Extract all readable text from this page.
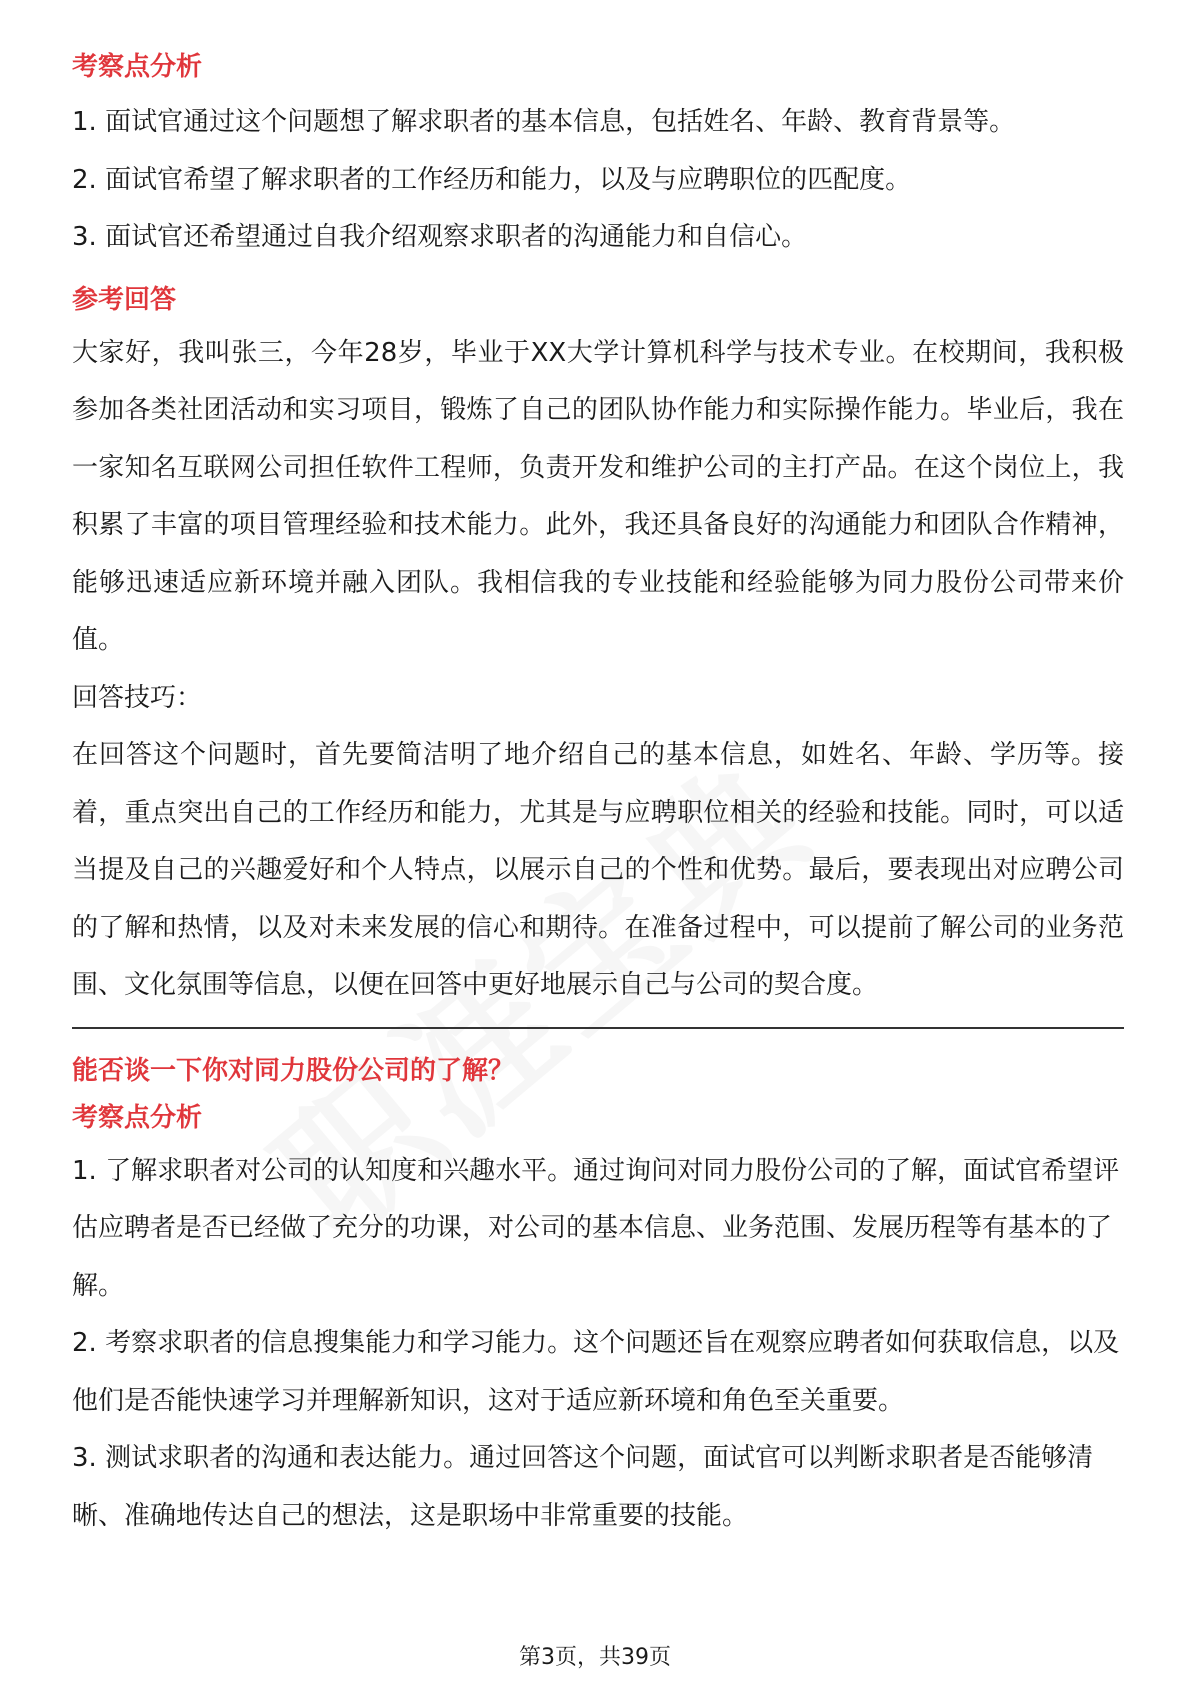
考察点分析

1. 面试官通过这个问题想了解求职者的基本信息，包括姓名、年龄、教育背景等。
2. 面试官希望了解求职者的工作经历和能力，以及与应聘职位的匹配度。
3. 面试官还希望通过自我介绍观察求职者的沟通能力和自信心。

参考回答

大家好，我叫张三，今年28岁，毕业于XX大学计算机科学与技术专业。在校期间，我积极参加各类社团活动和实习项目，锻炼了自己的团队协作能力和实际操作能力。毕业后，我在一家知名互联网公司担任软件工程师，负责开发和维护公司的主打产品。在这个岗位上，我积累了丰富的项目管理经验和技术能力。此外，我还具备良好的沟通能力和团队合作精神，能够迅速适应新环境并融入团队。我相信我的专业技能和经验能够为同力股份公司带来价值。

回答技巧：

在回答这个问题时，首先要简洁明了地介绍自己的基本信息，如姓名、年龄、学历等。接着，重点突出自己的工作经历和能力，尤其是与应聘职位相关的经验和技能。同时，可以适当提及自己的兴趣爱好和个人特点，以展示自己的个性和优势。最后，要表现出对应聘公司的了解和热情，以及对未来发展的信心和期待。在准备过程中，可以提前了解公司的业务范围、文化氛围等信息，以便在回答中更好地展示自己与公司的契合度。

能否谈一下你对同力股份公司的了解？

考察点分析

1. 了解求职者对公司的认知度和兴趣水平。通过询问对同力股份公司的了解，面试官希望评估应聘者是否已经做了充分的功课，对公司的基本信息、业务范围、发展历程等有基本的了解。
2. 考察求职者的信息搜集能力和学习能力。这个问题还旨在观察应聘者如何获取信息，以及他们是否能快速学习并理解新知识，这对于适应新环境和角色至关重要。
3. 测试求职者的沟通和表达能力。通过回答这个问题，面试官可以判断求职者是否能够清晰、准确地传达自己的想法，这是职场中非常重要的技能。
第3页，共39页
